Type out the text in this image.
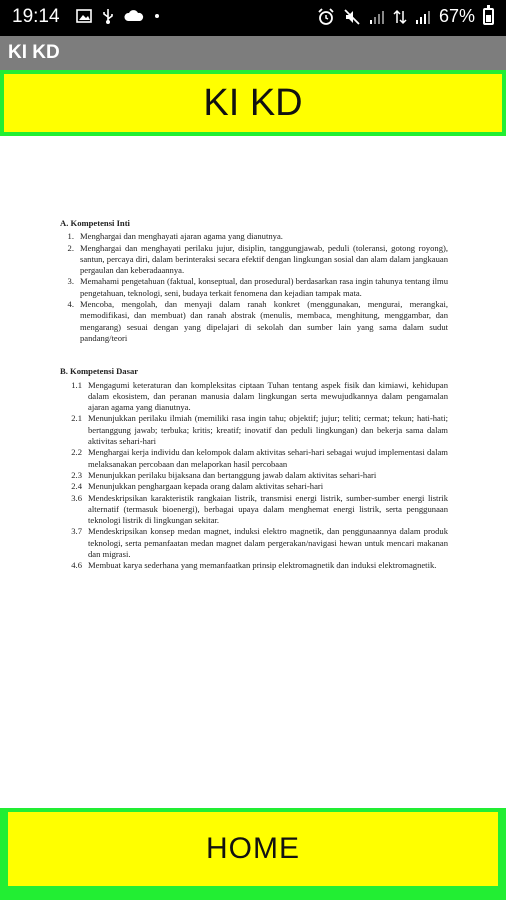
19:14	67%
KI KD
KI KD
A. Kompetensi Inti
1. Menghargai dan menghayati ajaran agama yang dianutnya.
2. Menghargai dan menghayati perilaku jujur, disiplin, tanggungjawab, peduli (toleransi, gotong royong), santun, percaya diri, dalam berinteraksi secara efektif dengan lingkungan sosial dan alam dalam jangkauan pergaulan dan keberadaannya.
3. Memahami pengetahuan (faktual, konseptual, dan prosedural) berdasarkan rasa ingin tahunya tentang ilmu pengetahuan, teknologi, seni, budaya terkait fenomena dan kejadian tampak mata.
4. Mencoba, mengolah, dan menyaji dalam ranah konkret (menggunakan, mengurai, merangkai, memodifikasi, dan membuat) dan ranah abstrak (menulis, membaca, menghitung, menggambar, dan mengarang) sesuai dengan yang dipelajari di sekolah dan sumber lain yang sama dalam sudut pandang/teori
B. Kompetensi Dasar
1.1 Mengagumi keteraturan dan kompleksitas ciptaan Tuhan tentang aspek fisik dan kimiawi, kehidupan dalam ekosistem, dan peranan manusia dalam lingkungan serta mewujudkannya dalam pengamalan ajaran agama yang dianutnya.
2.1 Menunjukkan perilaku ilmiah (memiliki rasa ingin tahu; objektif; jujur; teliti; cermat; tekun; hati-hati; bertanggung jawab; terbuka; kritis; kreatif; inovatif dan peduli lingkungan) dan bekerja sama dalam aktivitas sehari-hari
2.2 Menghargai kerja individu dan kelompok dalam aktivitas sehari-hari sebagai wujud implementasi dalam melaksanakan percobaan dan melaporkan hasil percobaan
2.3 Menunjukkan perilaku bijaksana dan bertanggung jawab dalam aktivitas sehari-hari
2.4 Menunjukkan penghargaan kepada orang dalam aktivitas sehari-hari
3.6 Mendeskripsikan karakteristik rangkaian listrik, transmisi energi listrik, sumber-sumber energi listrik alternatif (termasuk bioenergi), berbagai upaya dalam menghemat energi listrik, serta penggunaan teknologi listrik di lingkungan sekitar.
3.7 Mendeskripsikan konsep medan magnet, induksi elektro magnetik, dan penggunaannya dalam produk teknologi, serta pemanfaatan medan magnet dalam pergerakan/navigasi hewan untuk mencari makanan dan migrasi.
4.6 Membuat karya sederhana yang memanfaatkan prinsip elektromagnetik dan induksi elektromagnetik.
HOME
